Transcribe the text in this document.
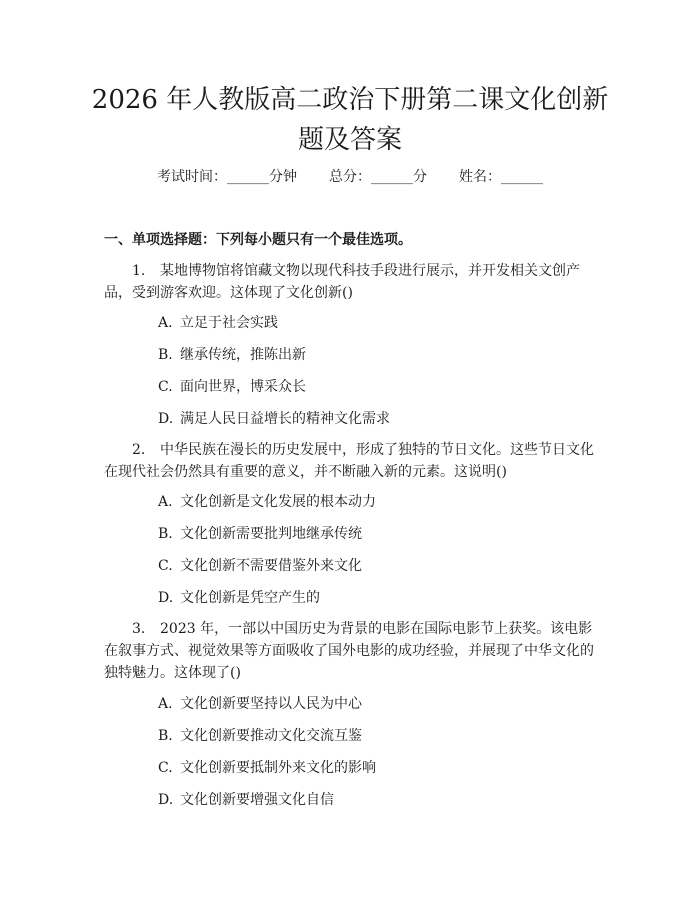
2026 年人教版高二政治下册第二课文化创新
题及答案
考试时间：______分钟 总分：______分 姓名：______
一、单项选择题：下列每小题只有一个最佳选项。
1. 某地博物馆将馆藏文物以现代科技手段进行展示，并开发相关文创产品，受到游客欢迎。这体现了文化创新()
A. 立足于社会实践
B. 继承传统，推陈出新
C. 面向世界，博采众长
D. 满足人民日益增长的精神文化需求
2. 中华民族在漫长的历史发展中，形成了独特的节日文化。这些节日文化在现代社会仍然具有重要的意义，并不断融入新的元素。这说明()
A. 文化创新是文化发展的根本动力
B. 文化创新需要批判地继承传统
C. 文化创新不需要借鉴外来文化
D. 文化创新是凭空产生的
3. 2023 年，一部以中国历史为背景的电影在国际电影节上获奖。该电影在叙事方式、视觉效果等方面吸收了国外电影的成功经验，并展现了中华文化的独特魅力。这体现了()
A. 文化创新要坚持以人民为中心
B. 文化创新要推动文化交流互鉴
C. 文化创新要抵制外来文化的影响
D. 文化创新要增强文化自信
